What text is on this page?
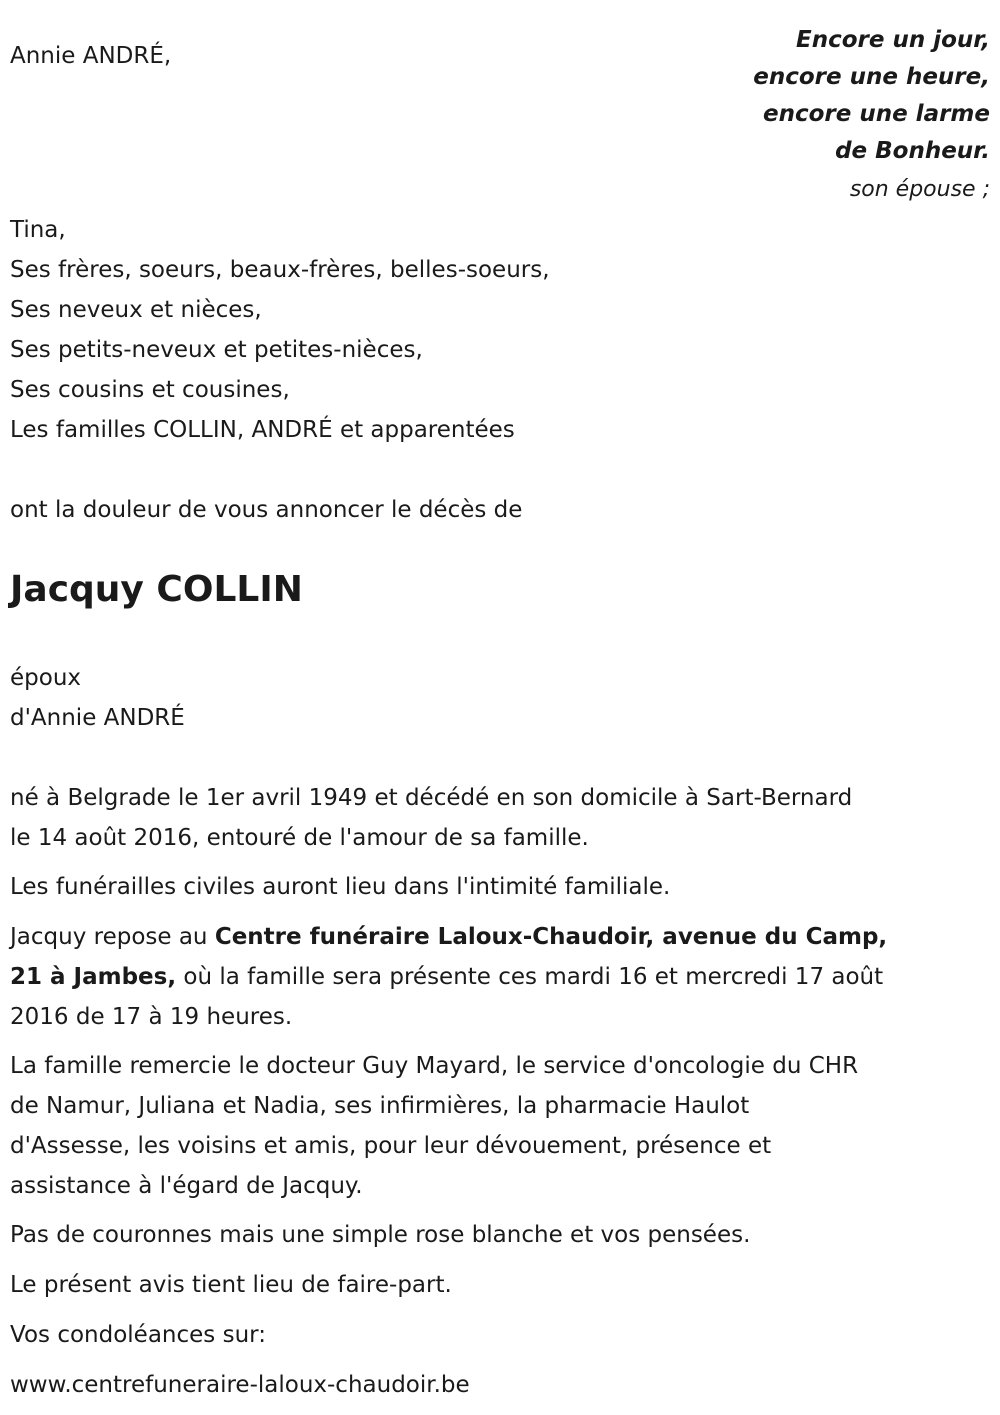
Annie ANDRÉ,

Encore un jour,
encore une heure,
encore une larme
de Bonheur.
son épouse ;

Tina,

Ses frères, soeurs, beaux-frères, belles-soeurs,

Ses neveux et nièces,

Ses petits-neveux et petites-nièces,

Ses cousins et cousines,

Les familles COLLIN, ANDRÉ et apparentées

ont la douleur de vous annoncer le décès de

Jacquy COLLIN

époux

d'Annie ANDRÉ

né à Belgrade le 1er avril 1949 et décédé en son domicile à Sart-Bernard

le 14 août 2016, entouré de l'amour de sa famille.

Les funérailles civiles auront lieu dans l'intimité familiale.

Jacquy repose au Centre funéraire Laloux-Chaudoir, avenue du Camp,

21 à Jambes, où la famille sera présente ces mardi 16 et mercredi 17 août

2016 de 17 à 19 heures.

La famille remercie le docteur Guy Mayard, le service d'oncologie du CHR

de Namur, Juliana et Nadia, ses infirmières, la pharmacie Haulot

d'Assesse, les voisins et amis, pour leur dévouement, présence et

assistance à l'égard de Jacquy.

Pas de couronnes mais une simple rose blanche et vos pensées.

Le présent avis tient lieu de faire-part.

Vos condoléances sur:

www.centrefuneraire-laloux-chaudoir.be
